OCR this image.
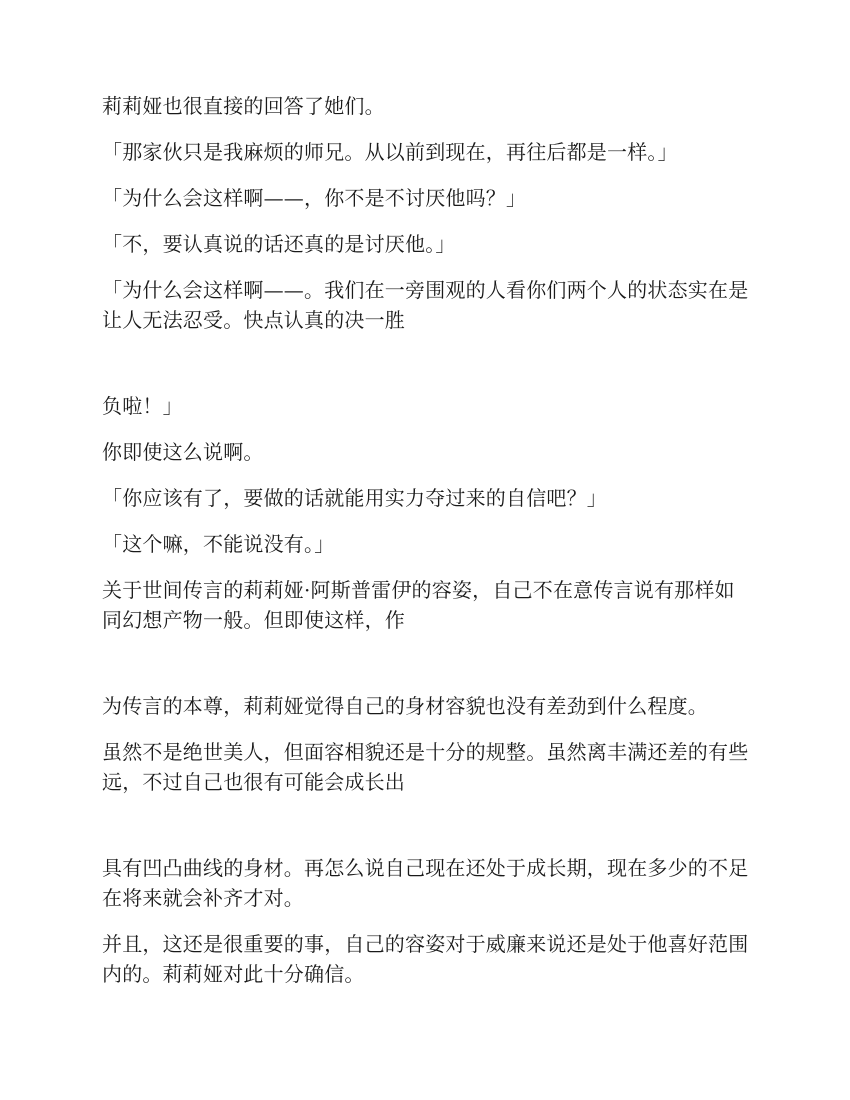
莉莉娅也很直接的回答了她们。

「那家伙只是我麻烦的师兄。从以前到现在，再往后都是一样。」

「为什么会这样啊——，你不是不讨厌他吗？」

「不，要认真说的话还真的是讨厌他。」

「为什么会这样啊——。我们在一旁围观的人看你们两个人的状态实在是让人无法忍受。快点认真的决一胜

负啦！」

你即使这么说啊。

「你应该有了，要做的话就能用实力夺过来的自信吧？」

「这个嘛，不能说没有。」

关于世间传言的莉莉娅·阿斯普雷伊的容姿，自己不在意传言说有那样如同幻想产物一般。但即使这样，作

为传言的本尊，莉莉娅觉得自己的身材容貌也没有差劲到什么程度。

虽然不是绝世美人，但面容相貌还是十分的规整。虽然离丰满还差的有些远，不过自己也很有可能会成长出

具有凹凸曲线的身材。再怎么说自己现在还处于成长期，现在多少的不足在将来就会补齐才对。

并且，这还是很重要的事，自己的容姿对于威廉来说还是处于他喜好范围内的。莉莉娅对此十分确信。
